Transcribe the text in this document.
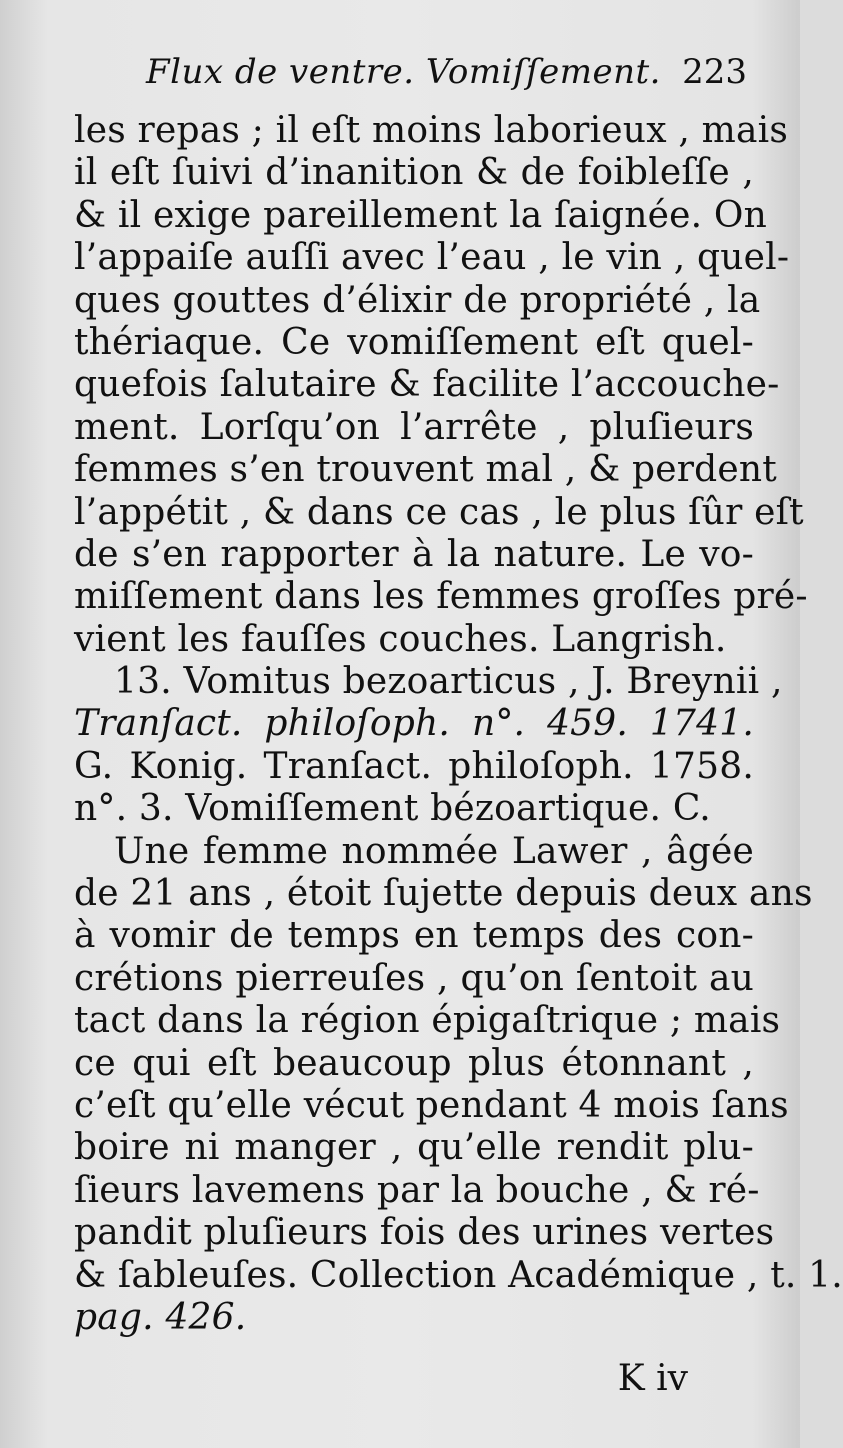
Flux de ventre. Vomiſſement. 223
les repas ; il eſt moins laborieux , mais
il eſt ſuivi d’inanition & de foibleſſe ,
& il exige pareillement la ſaignée. On
l’appaiſe auſſi avec l’eau , le vin , quel-
ques gouttes d’élixir de propriété , la
thériaque. Ce vomiſſement eſt quel-
quefois ſalutaire & facilite l’accouche-
ment. Lorſqu’on l’arrête , pluſieurs
femmes s’en trouvent mal , & perdent
l’appétit , & dans ce cas , le plus ſûr eſt
de s’en rapporter à la nature. Le vo-
miſſement dans les femmes groſſes pré-
vient les fauſſes couches. Langrish.
13. Vomitus bezoarticus , J. Breynii ,
Tranſact. philoſoph. n°. 459. 1741.
G. Konig. Tranſact. philoſoph. 1758.
n°. 3. Vomiſſement bézoartique. C.
Une femme nommée Lawer , âgée
de 21 ans , étoit ſujette depuis deux ans
à vomir de temps en temps des con-
crétions pierreuſes , qu’on ſentoit au
tact dans la région épigaſtrique ; mais
ce qui eſt beaucoup plus étonnant ,
c’eſt qu’elle vécut pendant 4 mois ſans
boire ni manger , qu’elle rendit plu-
ſieurs lavemens par la bouche , & ré-
pandit pluſieurs fois des urines vertes
& ſableuſes. Collection Académique , t. 1.
pag. 426.
K iv
